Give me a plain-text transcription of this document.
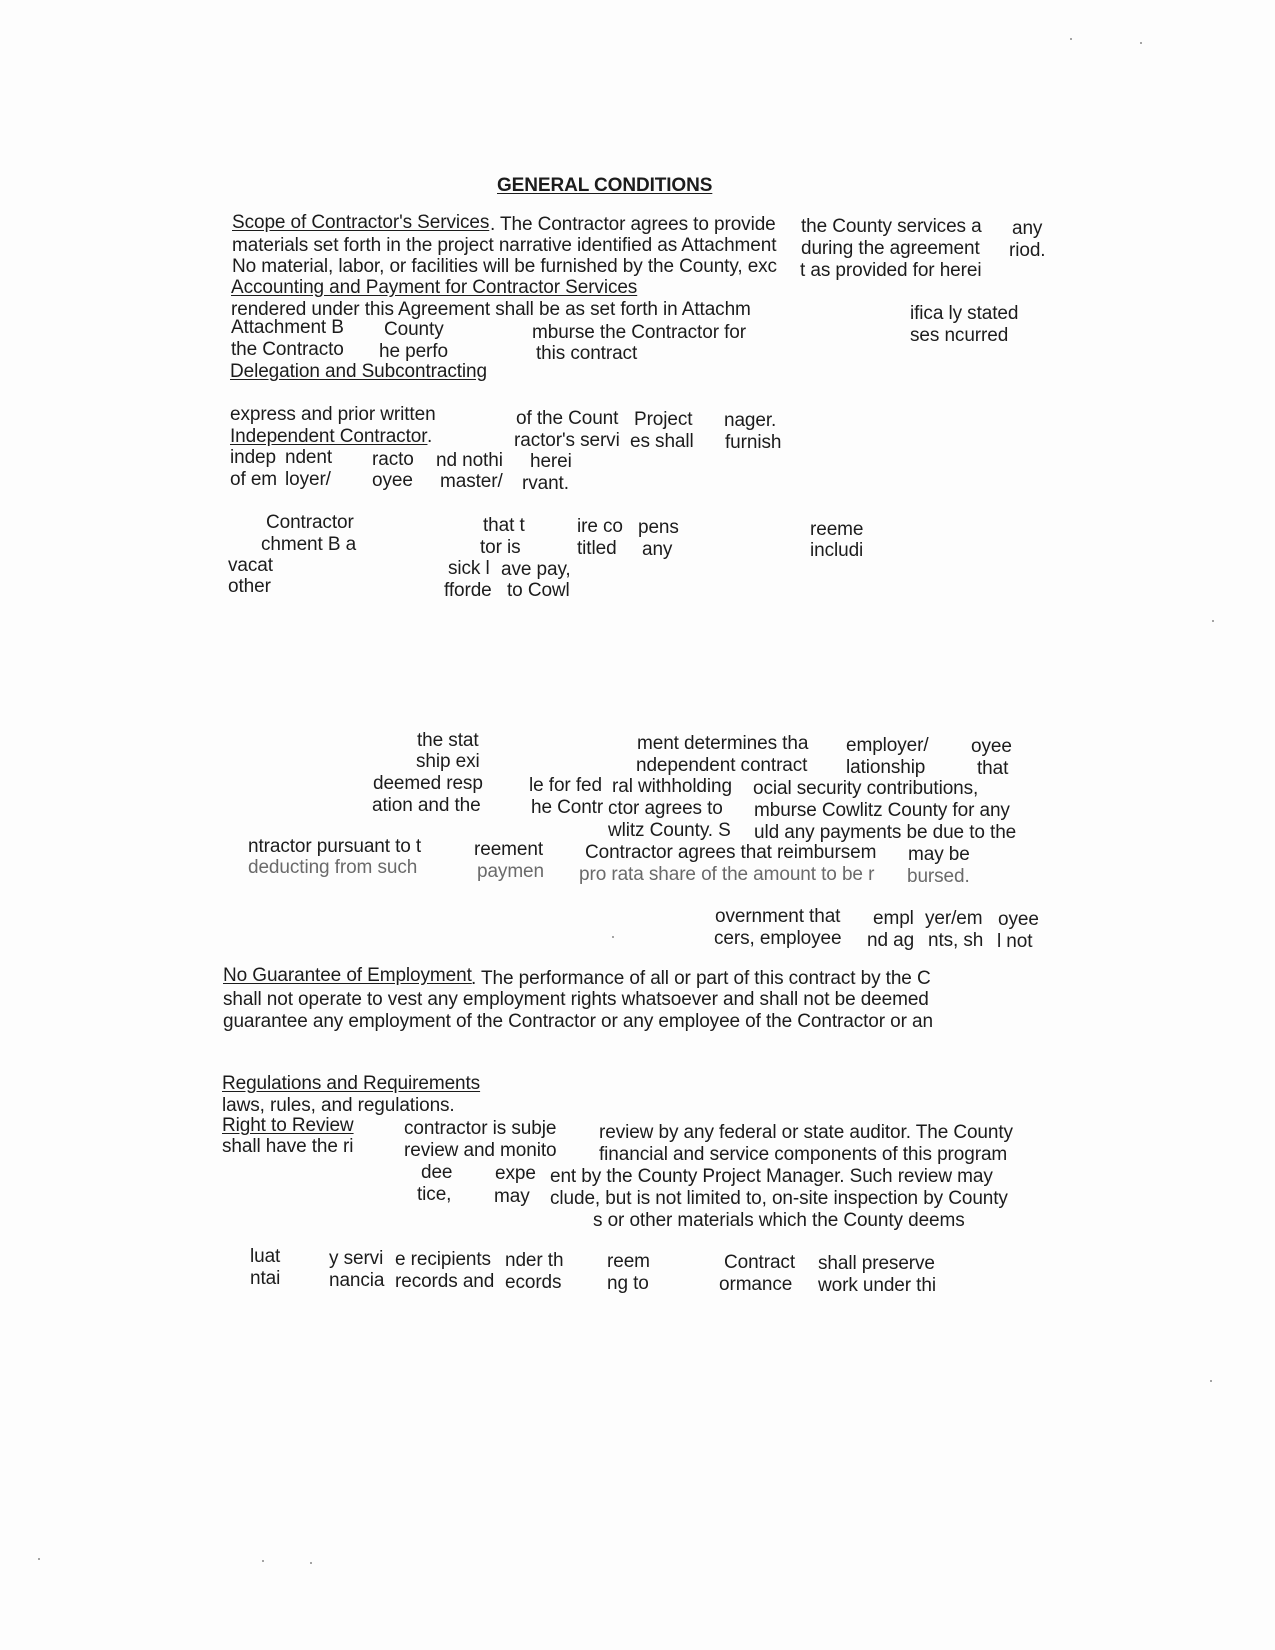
GENERAL CONDITIONS
Scope of Contractor's Services . The Contractor agrees to provide the County services a any
materials set forth in the project narrative identified as Attachment during the agreement riod.
No material, labor, or facilities will be furnished by the County, exc t as provided for herei
Accounting and Payment for Contractor Services
rendered under this Agreement shall be as set forth in Attachm	ifica ly stated
Attachment B County	mburse the Contractor for	ses ncurred
the Contracto he perfo	this contract
Delegation and Subcontracting
express and prior written	of the Count Project nager.
Independent Contractor .	ractor's servi es shall furnish
indep ndent racto nd nothi herei
of em loyer/ oyee master/ rvant.
Contractor	that t	ire co pens	reeme
chment B a	tor is	titled any	includi
vacat	sick l ave pay,
other	fforde to Cowl
the stat	ment determines tha employer/ oyee
ship exi	ndependent contract lationship	that
deemed resp le for fed ral withholding ocial security contributions,
ation and the	he Contr ctor agrees to mburse Cowlitz County for any
wlitz County. S uld any payments be due to the
ntractor pursuant to t	reement Contractor agrees that reimbursem may be
deducting from such	paymen pro rata share of the amount to be r bursed.
overnment that empl yer/em oyee
cers, employee nd ag nts, sh l not
No Guarantee of Employment . The performance of all or part of this contract by the C
shall not operate to vest any employment rights whatsoever and shall not be deemed
guarantee any employment of the Contractor or any employee of the Contractor or an
Regulations and Requirements
laws, rules, and regulations.
Right to Review	contractor is subje review by any federal or state auditor. The County
shall have the ri	review and monito financial and service components of this program
dee expe ent by the County Project Manager. Such review may
tice, may clude, but is not limited to, on-site inspection by County
s or other materials which the County deems
luat	y servi e recipients nder th reem	Contract shall preserve
ntai	nancia records and ecords ng to	ormance work under thi
